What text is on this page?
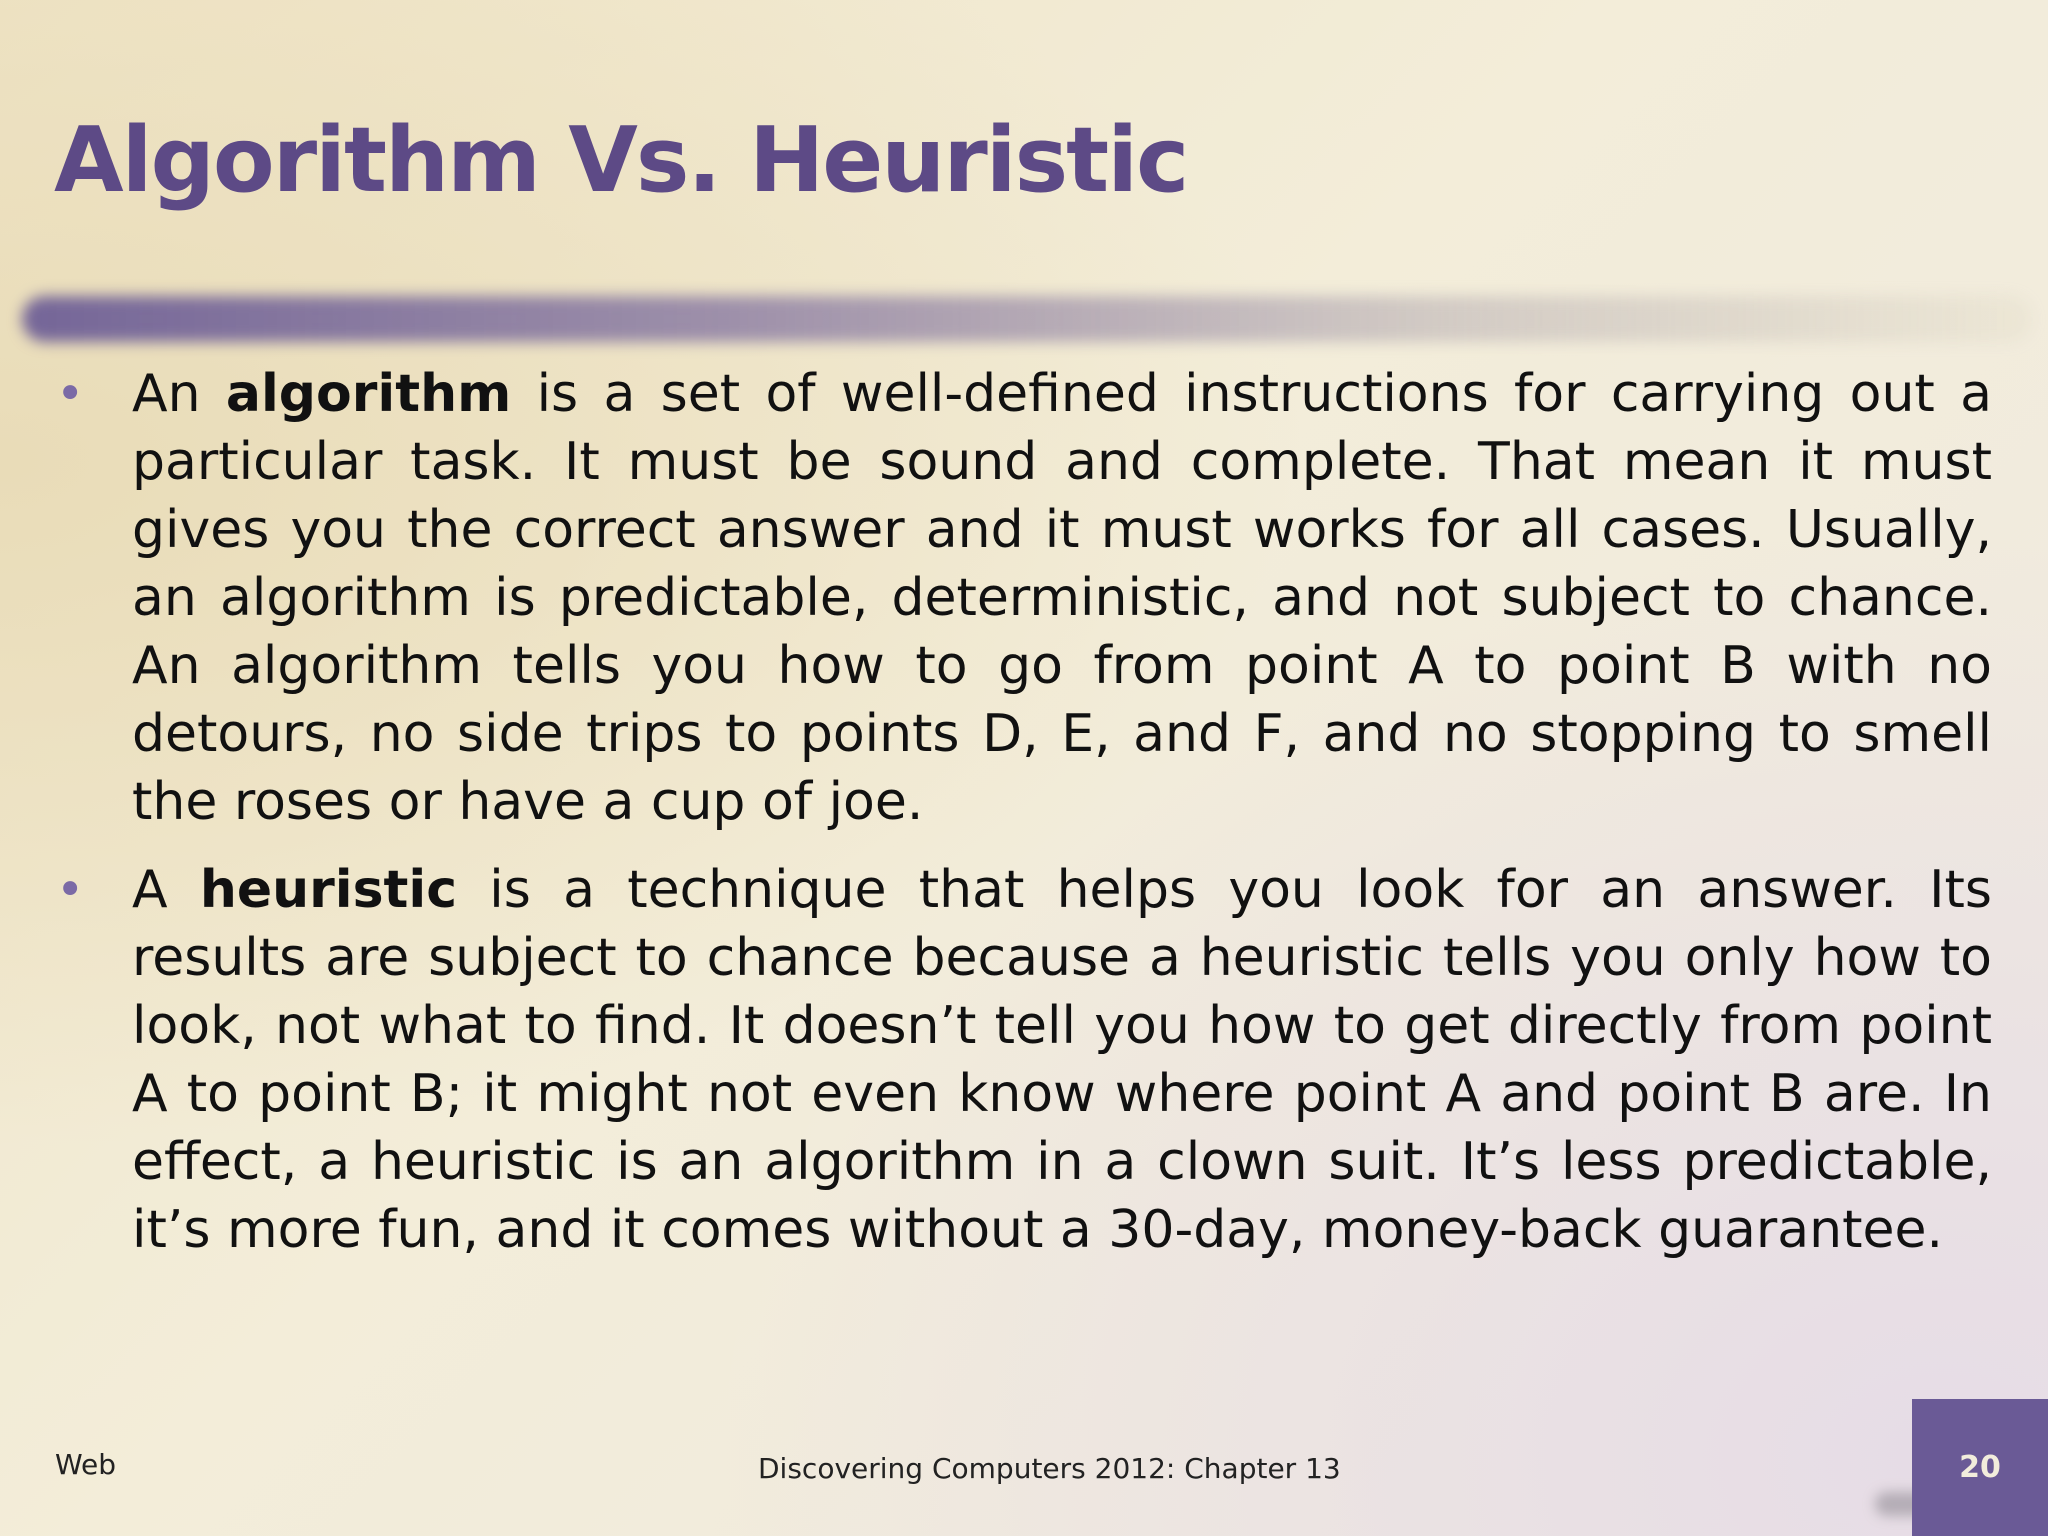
Algorithm Vs. Heuristic
• An algorithm is a set of well-defined instructions for carrying out a particular task. It must be sound and complete. That mean it must gives you the correct answer and it must works for all cases. Usually, an algorithm is predictable, deterministic, and not subject to chance. An algorithm tells you how to go from point A to point B with no detours, no side trips to points D, E, and F, and no stopping to smell the roses or have a cup of joe.
• A heuristic is a technique that helps you look for an answer. Its results are subject to chance because a heuristic tells you only how to look, not what to find. It doesn’t tell you how to get directly from point A to point B; it might not even know where point A and point B are. In effect, a heuristic is an algorithm in a clown suit. It’s less predictable, it’s more fun, and it comes without a 30-day, money-back guarantee.
Web	Discovering Computers 2012: Chapter 13	20
